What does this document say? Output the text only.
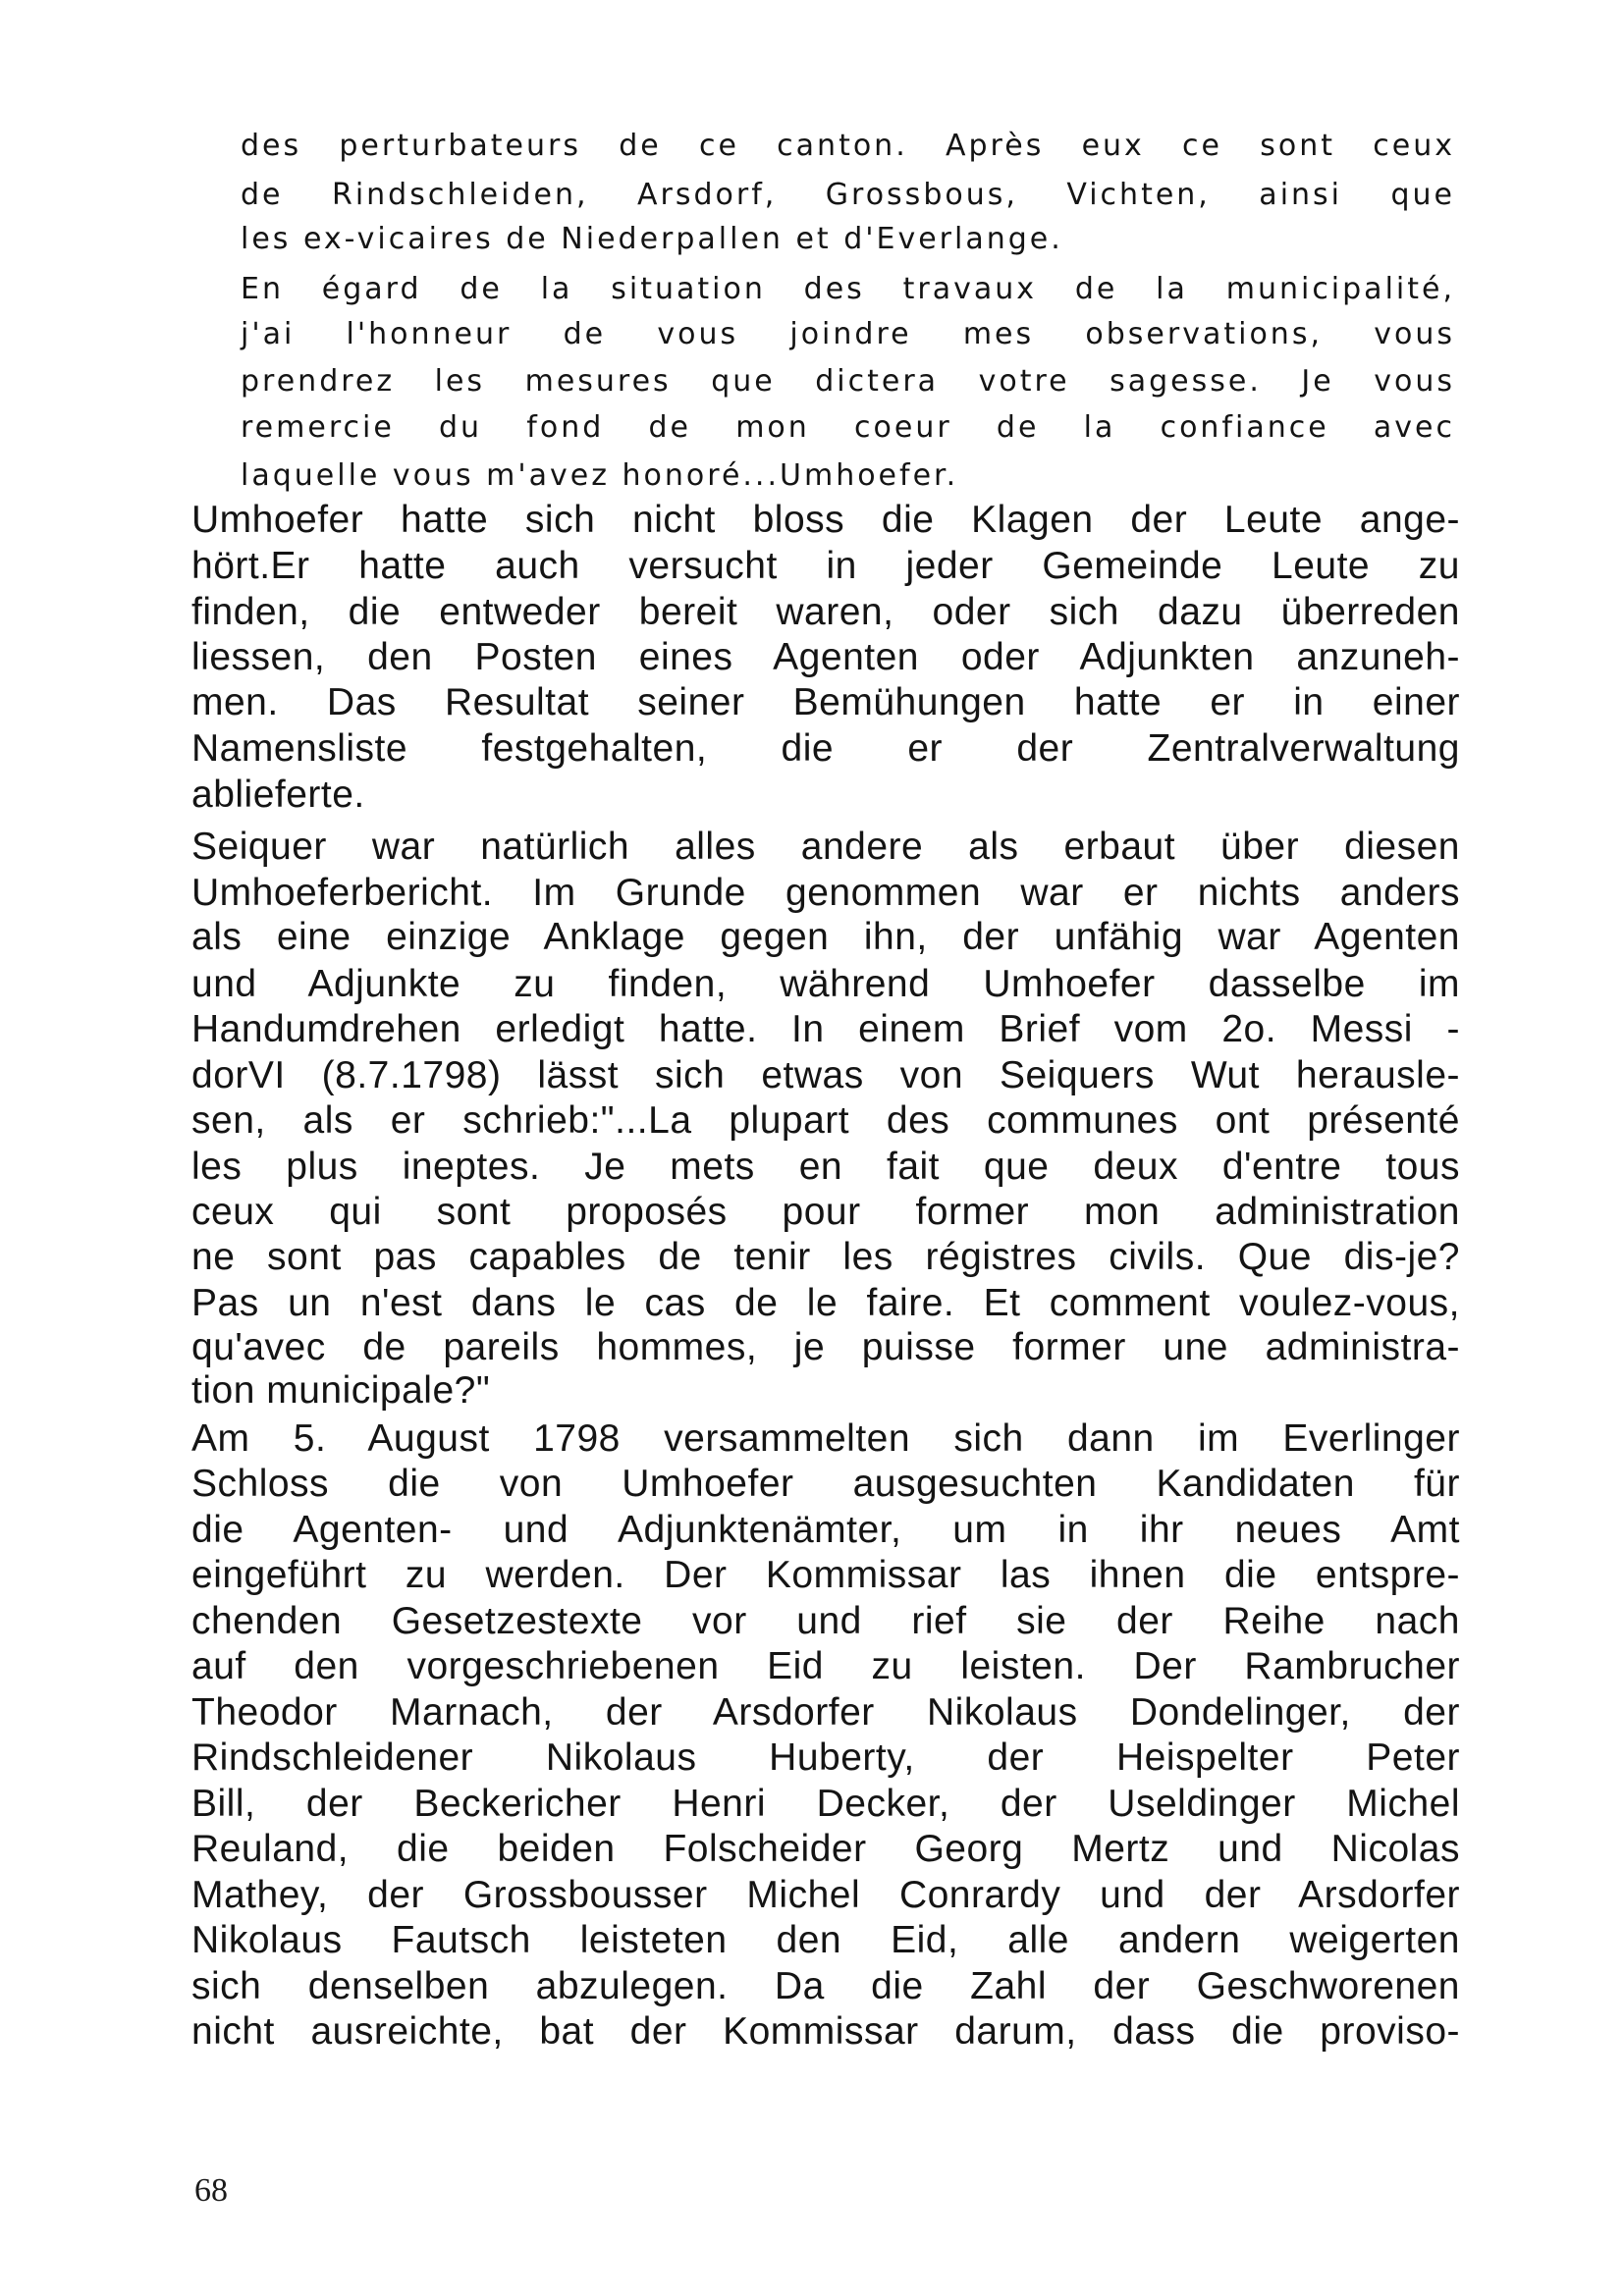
des perturbateurs de ce canton. Après eux ce sont ceux

de Rindschleiden, Arsdorf, Grossbous, Vichten, ainsi que

les ex-vicaires de Niederpallen et d'Everlange.

En égard de la situation des travaux de la municipalité,

j'ai l'honneur de vous joindre mes observations, vous

prendrez les mesures que dictera votre sagesse. Je vous

remercie du fond de mon coeur de la confiance avec

laquelle vous m'avez honoré...Umhoefer.

Umhoefer hatte sich nicht bloss die Klagen der Leute ange-

hört.Er hatte auch versucht in jeder Gemeinde Leute zu

finden, die entweder bereit waren, oder sich dazu überreden

liessen, den Posten eines Agenten oder Adjunkten anzuneh-

men. Das Resultat seiner Bemühungen hatte er in einer

Namensliste festgehalten, die er der Zentralverwaltung

ablieferte.

Seiquer war natürlich alles andere als erbaut über diesen

Umhoeferbericht. Im Grunde genommen war er nichts anders

als eine einzige Anklage gegen ihn, der unfähig war Agenten

und Adjunkte zu finden, während Umhoefer dasselbe im

Handumdrehen erledigt hatte. In einem Brief vom 2o. Messi -

dorVI (8.7.1798) lässt sich etwas von Seiquers Wut herausle-

sen, als er schrieb:"...La plupart des communes ont présenté

les plus ineptes. Je mets en fait que deux d'entre tous

ceux qui sont proposés pour former mon administration

ne sont pas capables de tenir les régistres civils. Que dis-je?

Pas un n'est dans le cas de le faire. Et comment voulez-vous,

qu'avec de pareils hommes, je puisse former une administra-

tion municipale?"

Am 5. August 1798 versammelten sich dann im Everlinger

Schloss die von Umhoefer ausgesuchten Kandidaten für

die Agenten- und Adjunktenämter, um in ihr neues Amt

eingeführt zu werden. Der Kommissar las ihnen die entspre-

chenden Gesetzestexte vor und rief sie der Reihe nach

auf den vorgeschriebenen Eid zu leisten. Der Rambrucher

Theodor Marnach, der Arsdorfer Nikolaus Dondelinger, der

Rindschleidener Nikolaus Huberty, der Heispelter Peter

Bill, der Beckericher Henri Decker, der Useldinger Michel

Reuland, die beiden Folscheider Georg Mertz und Nicolas

Mathey, der Grossbousser Michel Conrardy und der Arsdorfer

Nikolaus Fautsch leisteten den Eid, alle andern weigerten

sich denselben abzulegen. Da die Zahl der Geschworenen

nicht ausreichte, bat der Kommissar darum, dass die proviso-

68
